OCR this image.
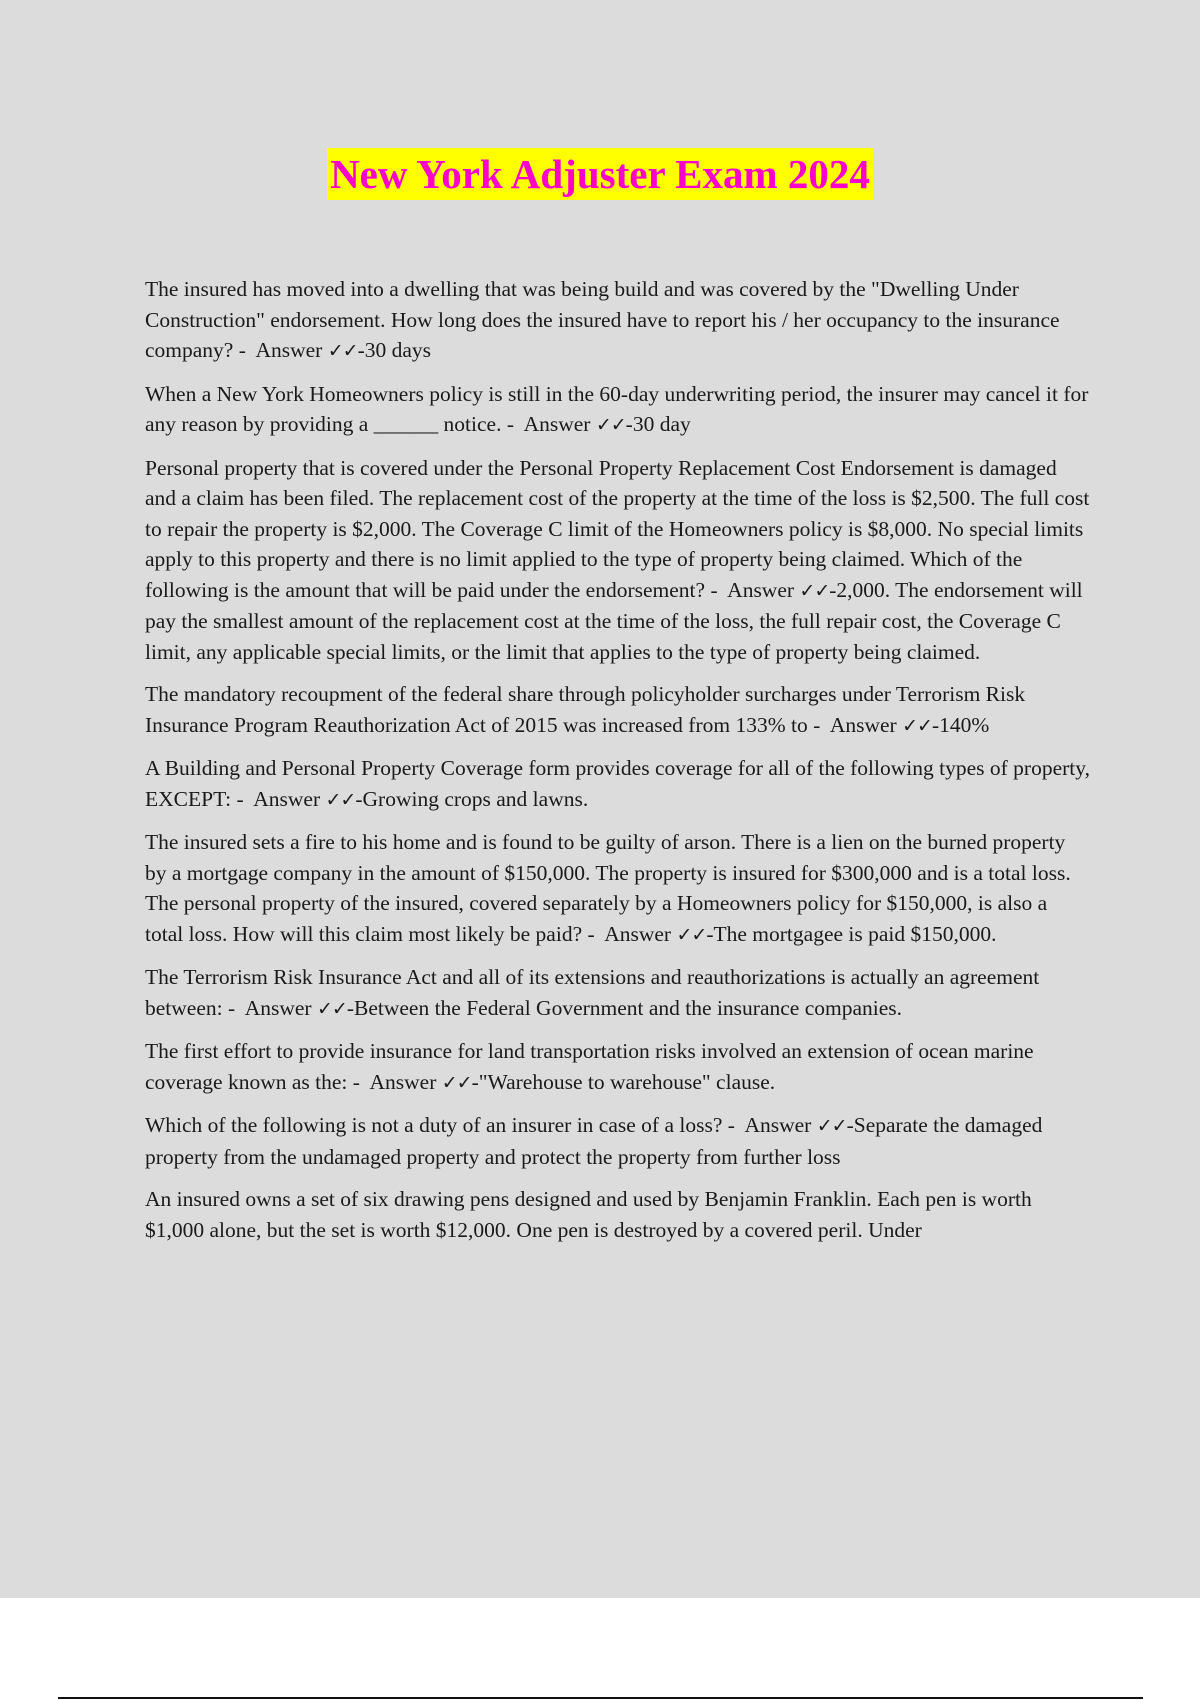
New York Adjuster Exam 2024

The insured has moved into a dwelling that was being build and was covered by the "Dwelling Under Construction" endorsement. How long does the insured have to report his / her occupancy to the insurance company? -  Answer ✓✓-30 days

When a New York Homeowners policy is still in the 60-day underwriting period, the insurer may cancel it for any reason by providing a ______ notice. -  Answer ✓✓-30 day

Personal property that is covered under the Personal Property Replacement Cost Endorsement is damaged and a claim has been filed. The replacement cost of the property at the time of the loss is $2,500. The full cost to repair the property is $2,000. The Coverage C limit of the Homeowners policy is $8,000. No special limits apply to this property and there is no limit applied to the type of property being claimed. Which of the following is the amount that will be paid under the endorsement? -  Answer ✓✓-2,000. The endorsement will pay the smallest amount of the replacement cost at the time of the loss, the full repair cost, the Coverage C limit, any applicable special limits, or the limit that applies to the type of property being claimed.

The mandatory recoupment of the federal share through policyholder surcharges under Terrorism Risk Insurance Program Reauthorization Act of 2015 was increased from 133% to -  Answer ✓✓-140%

A Building and Personal Property Coverage form provides coverage for all of the following types of property, EXCEPT: -  Answer ✓✓-Growing crops and lawns.

The insured sets a fire to his home and is found to be guilty of arson. There is a lien on the burned property by a mortgage company in the amount of $150,000. The property is insured for $300,000 and is a total loss. The personal property of the insured, covered separately by a Homeowners policy for $150,000, is also a total loss. How will this claim most likely be paid? -  Answer ✓✓-The mortgagee is paid $150,000.

The Terrorism Risk Insurance Act and all of its extensions and reauthorizations is actually an agreement between: -  Answer ✓✓-Between the Federal Government and the insurance companies.

The first effort to provide insurance for land transportation risks involved an extension of ocean marine coverage known as the: -  Answer ✓✓-"Warehouse to warehouse" clause.

Which of the following is not a duty of an insurer in case of a loss? -  Answer ✓✓-Separate the damaged property from the undamaged property and protect the property from further loss

An insured owns a set of six drawing pens designed and used by Benjamin Franklin. Each pen is worth $1,000 alone, but the set is worth $12,000. One pen is destroyed by a covered peril. Under
